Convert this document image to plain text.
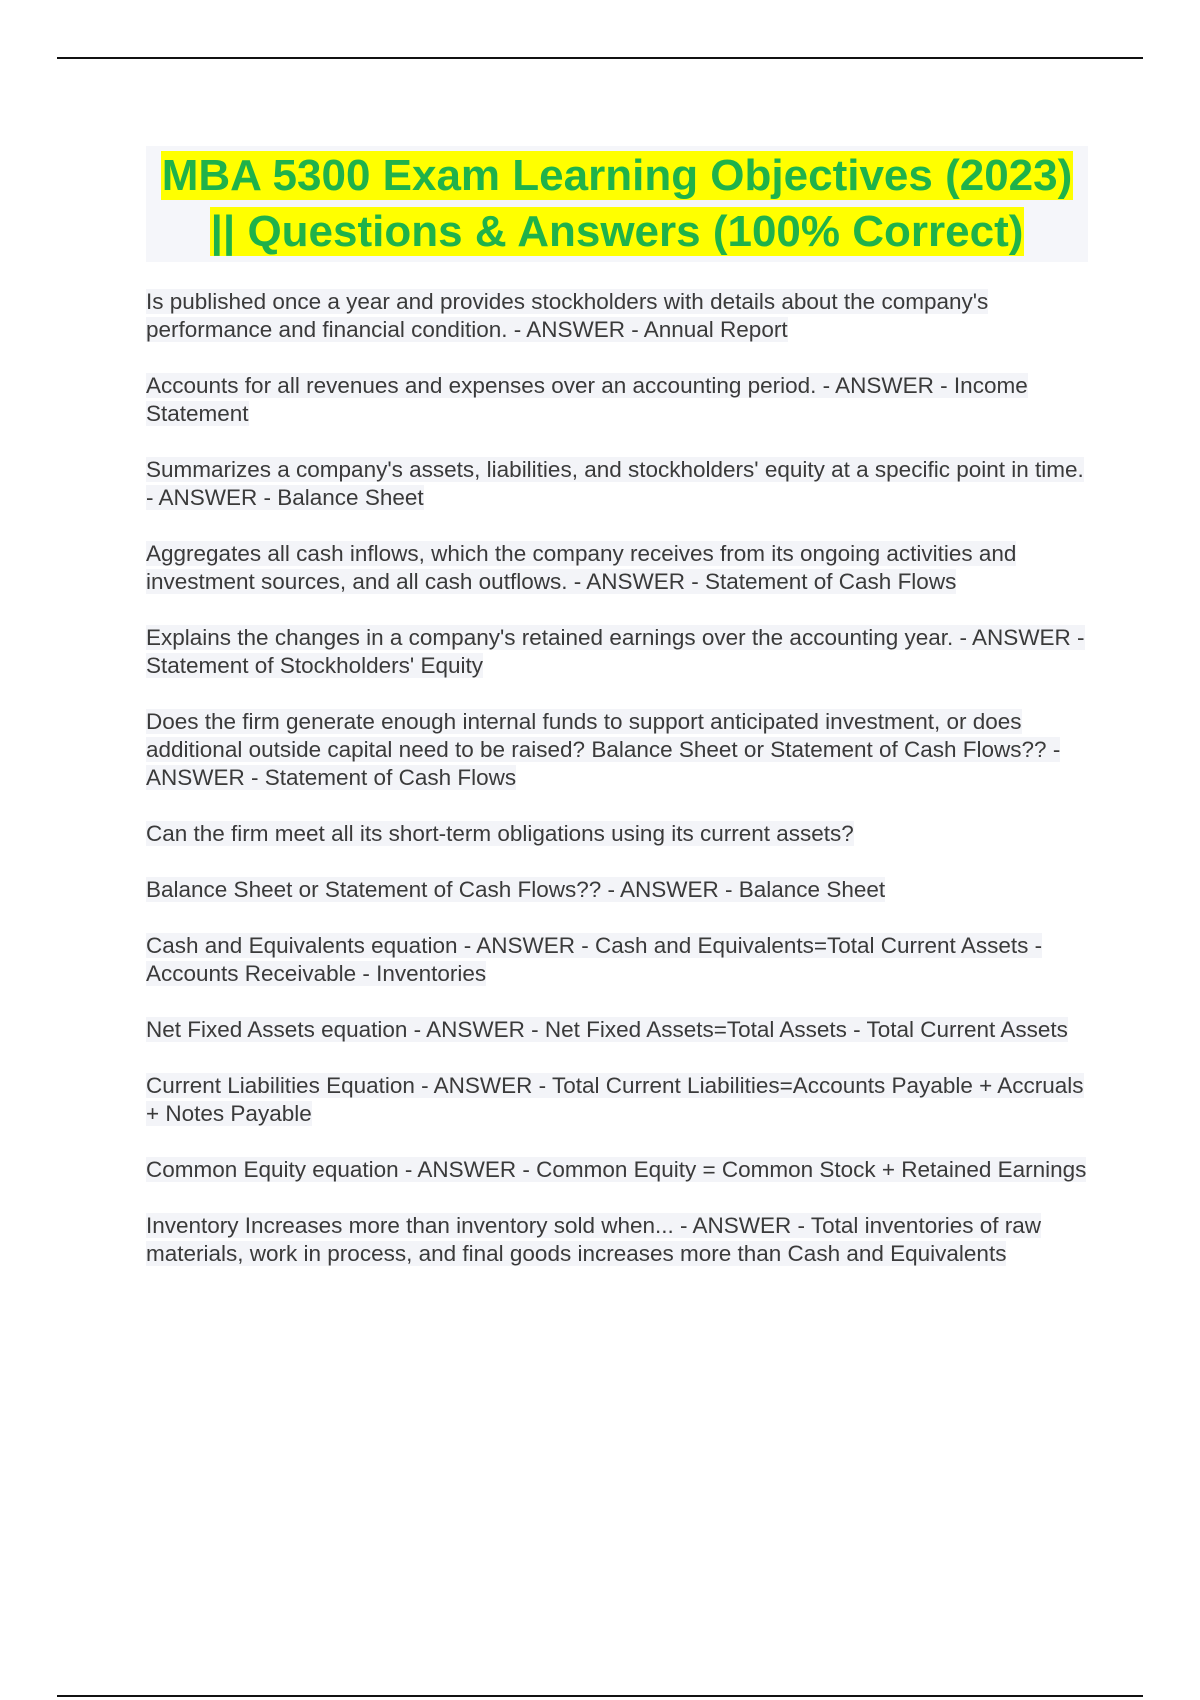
MBA 5300 Exam Learning Objectives (2023) || Questions & Answers (100% Correct)

Is published once a year and provides stockholders with details about the company's performance and financial condition. - ANSWER - Annual Report

Accounts for all revenues and expenses over an accounting period. - ANSWER - Income Statement

Summarizes a company's assets, liabilities, and stockholders' equity at a specific point in time. - ANSWER - Balance Sheet

Aggregates all cash inflows, which the company receives from its ongoing activities and investment sources, and all cash outflows. - ANSWER - Statement of Cash Flows

Explains the changes in a company's retained earnings over the accounting year. - ANSWER - Statement of Stockholders' Equity

Does the firm generate enough internal funds to support anticipated investment, or does additional outside capital need to be raised? Balance Sheet or Statement of Cash Flows?? - ANSWER - Statement of Cash Flows

Can the firm meet all its short-term obligations using its current assets?

Balance Sheet or Statement of Cash Flows?? - ANSWER - Balance Sheet

Cash and Equivalents equation - ANSWER - Cash and Equivalents=Total Current Assets - Accounts Receivable - Inventories

Net Fixed Assets equation - ANSWER - Net Fixed Assets=Total Assets - Total Current Assets

Current Liabilities Equation - ANSWER - Total Current Liabilities=Accounts Payable + Accruals + Notes Payable

Common Equity equation - ANSWER - Common Equity = Common Stock + Retained Earnings

Inventory Increases more than inventory sold when... - ANSWER - Total inventories of raw materials, work in process, and final goods increases more than Cash and Equivalents
